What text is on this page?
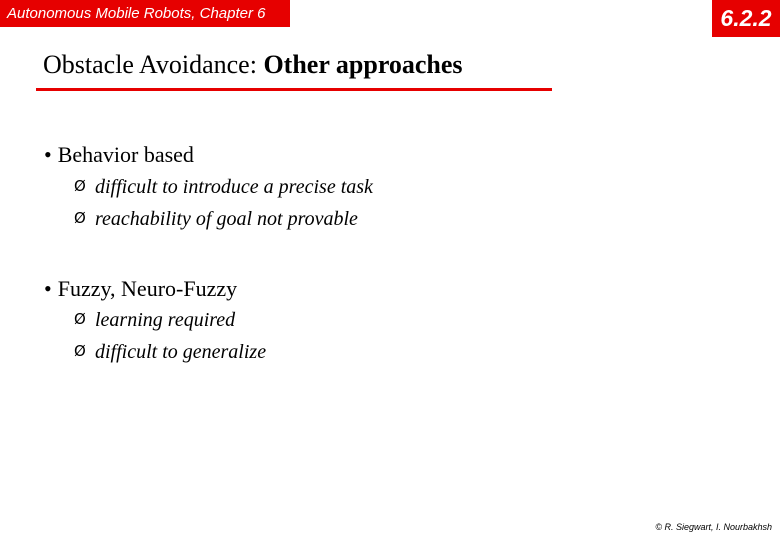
Autonomous Mobile Robots, Chapter 6	6.2.2
Obstacle Avoidance: Other approaches
• Behavior based
Ø difficult to introduce a precise task
Ø reachability of goal not provable
• Fuzzy, Neuro-Fuzzy
Ø learning required
Ø difficult to generalize
© R. Siegwart, I. Nourbakhsh
